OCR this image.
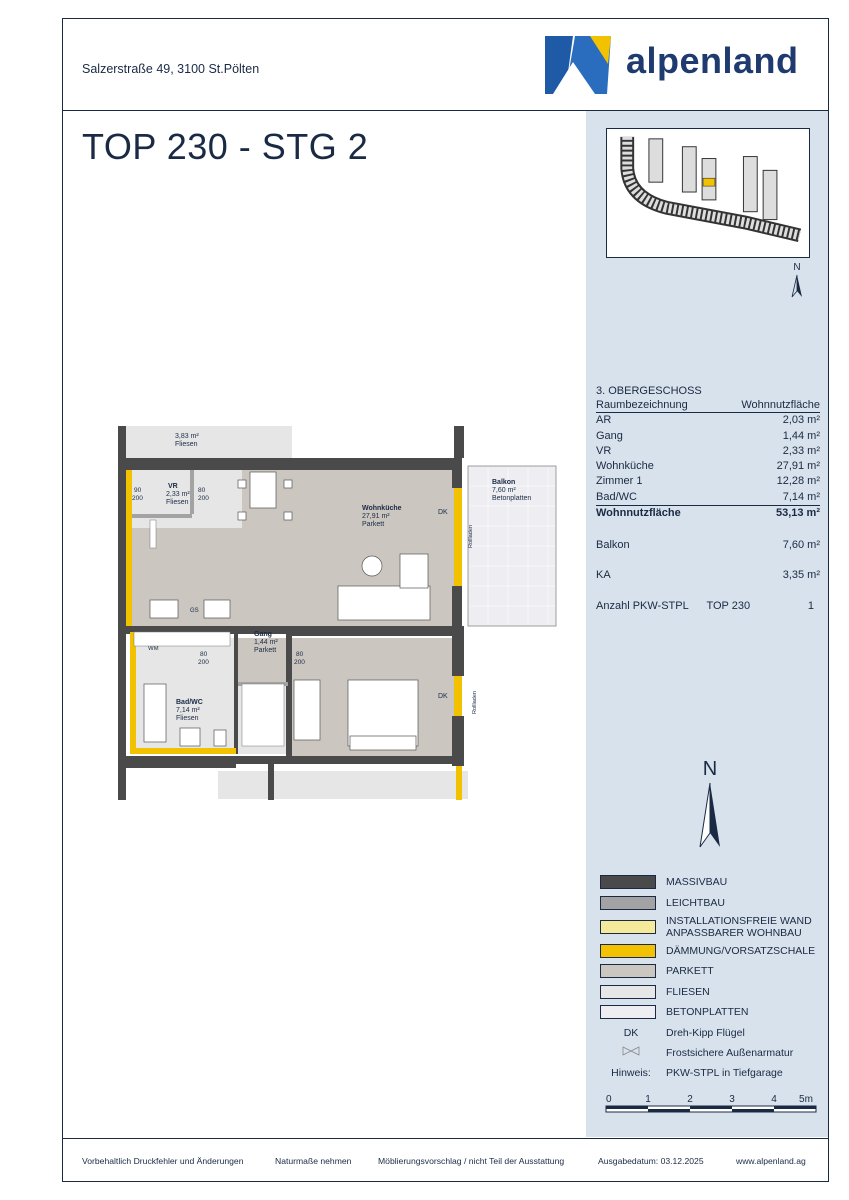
Salzerstraße 49, 3100 St.Pölten	alpenland
TOP 230 - STG 2
N
3. OBERGESCHOSS
Raumbezeichnung	Wohnnutzfläche
AR	2,03 m²
Gang	1,44 m²
VR	2,33 m²
Wohnküche	27,91 m²
Zimmer 1	12,28 m²
Bad/WC	7,14 m²
Wohnnutzfläche	53,13 m²
Balkon	7,60 m²
KA	3,35 m²
Anzahl PKW-STPL TOP 230	1
N
MASSIVBAU
LEICHTBAU
INSTALLATIONSFREIE WAND
ANPASSBARER WOHNBAU
DÄMMUNG/VORSATZSCHALE
PARKETT
FLIESEN
BETONPLATTEN
DK	Dreh-Kipp Flügel
Frostsichere Außenarmatur
Hinweis:	PKW-STPL in Tiefgarage
0	1	2	3	4 5m
Vorbehaltlich Druckfehler und Änderungen	Naturmaße nehmen	Möblierungsvorschlag / nicht Teil der Ausstattung	Ausgabedatum: 03.12.2025	www.alpenland.ag
3,83 m²
Fliesen
VR
2,33 m²
Fliesen
Wohnküche
27,91 m²
Parkett
Balkon
7,60 m²
Betonplatten
Gang
1,44 m²
Parkett
Bad/WC
7,14 m²
Fliesen
90
200
80
200
80
200
80
200
GS
WM
DK
DK
Rollladen
Rollladen
